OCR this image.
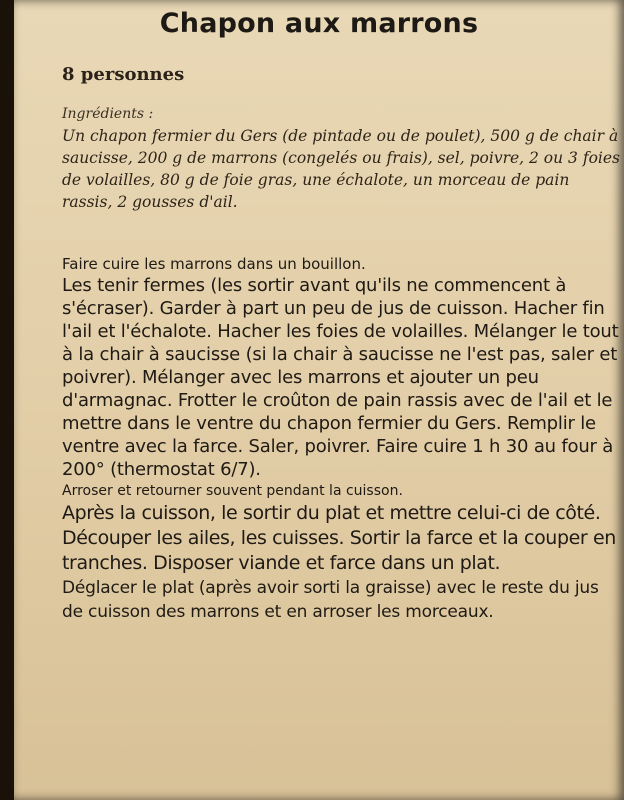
Chapon aux marrons
8 personnes
Ingrédients :
Un chapon fermier du Gers (de pintade ou de poulet), 500 g de chair à saucisse, 200 g de marrons (congelés ou frais), sel, poivre, 2 ou 3 foies de volailles, 80 g de foie gras, une échalote, un morceau de pain rassis, 2 gousses d'ail.

Faire cuire les marrons dans un bouillon.

Les tenir fermes (les sortir avant qu'ils ne commencent à s'écraser). Garder à part un peu de jus de cuisson. Hacher fin l'ail et l'échalote. Hacher les foies de volailles. Mélanger le tout à la chair à saucisse (si la chair à saucisse ne l'est pas, saler et poivrer). Mélanger avec les marrons et ajouter un peu d'armagnac. Frotter le croûton de pain rassis avec de l'ail et le mettre dans le ventre du chapon fermier du Gers. Remplir le ventre avec la farce. Saler, poivrer. Faire cuire 1 h 30 au four à 200° (thermostat 6/7).

Arroser et retourner souvent pendant la cuisson.

Après la cuisson, le sortir du plat et mettre celui-ci de côté. Découper les ailes, les cuisses. Sortir la farce et la couper en tranches. Disposer viande et farce dans un plat.

Déglacer le plat (après avoir sorti la graisse) avec le reste du jus de cuisson des marrons et en arroser les morceaux.
